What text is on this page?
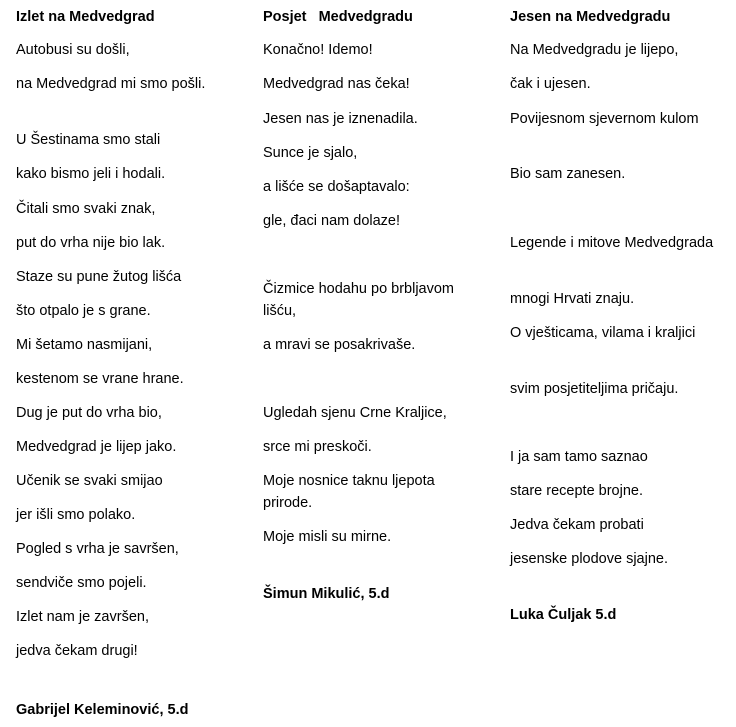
Izlet na Medvedgrad
Autobusi su došli,
na Medvedgrad mi smo pošli.
U Šestinama smo stali
kako bismo jeli i hodali.
Čitali smo svaki znak,
put do vrha nije bio lak.
Staze su pune žutog lišća
što otpalo je s grane.
Mi šetamo nasmijani,
kestenom se vrane hrane.
Dug je put do vrha bio,
Medvedgrad je lijep jako.
Učenik se svaki smijao
jer išli smo polako.
Pogled s vrha je savršen,
sendviče smo pojeli.
Izlet nam je završen,
jedva čekam drugi!
Gabrijel Keleminović, 5.d
Posjet   Medvedgradu
Konačno! Idemo!
Medvedgrad nas čeka!
Jesen nas je iznenadila.
Sunce je sjalo,
a lišće se došaptavalo:
gle, đaci nam dolaze!
Čizmice hodahu po brbljavom lišću,
a mravi se posakrivaše.
Ugledah sjenu Crne Kraljice,
srce mi preskoči.
Moje nosnice taknu ljepota prirode.
Moje misli su mirne.
Šimun Mikulić, 5.d
Jesen na Medvedgradu
Na Medvedgradu je lijepo,
čak i ujesen.
Povijesnom sjevernom kulom
Bio sam zanesen.
Legende i mitove Medvedgrada
mnogi Hrvati znaju.
O vješticama, vilama i kraljici
svim posjetiteljima pričaju.
I ja sam tamo saznao
stare recepte brojne.
Jedva čekam probati
jesenske plodove sjajne.
Luka Čuljak 5.d
